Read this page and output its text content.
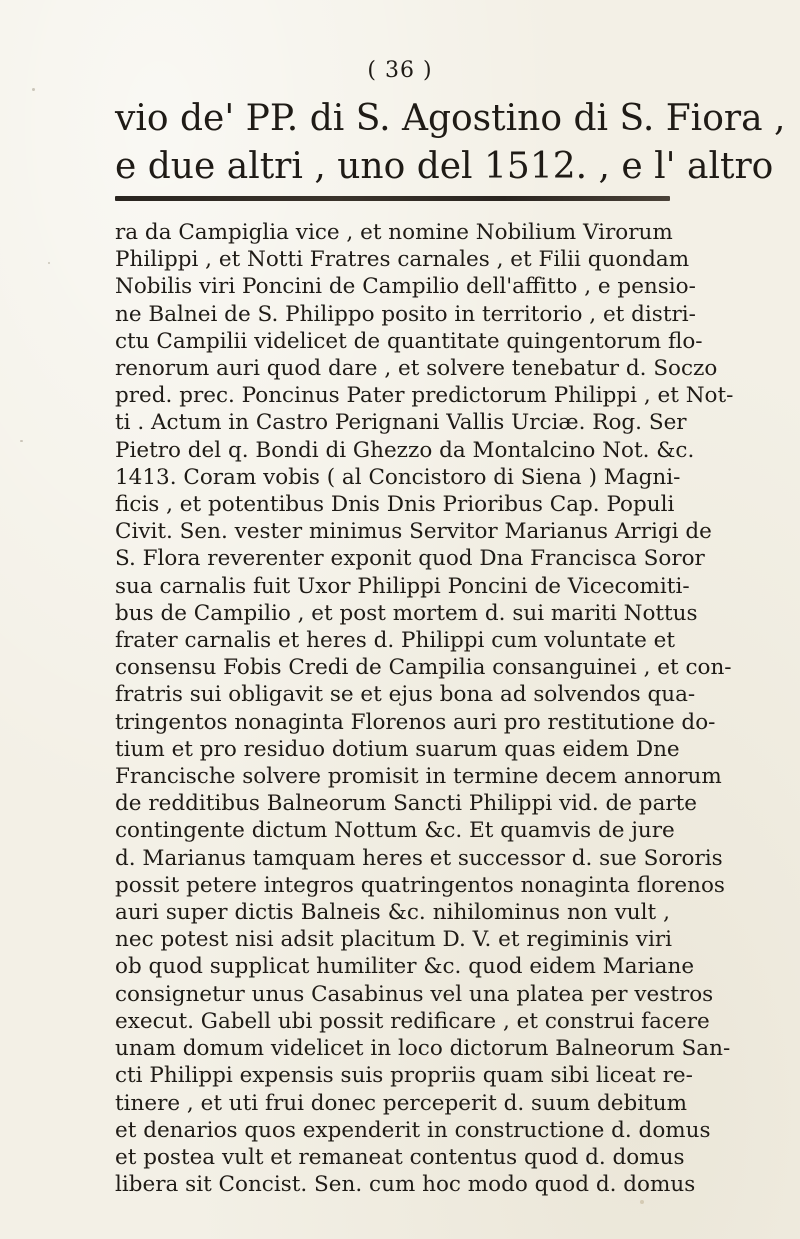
( 36 )
vio de' PP. di S. Agostino di S. Fiora ,
e due altri , uno del 1512. , e l' altro
ra da Campiglia vice , et nomine Nobilium Virorum
Philippi , et Notti Fratres carnales , et Filii quondam
Nobilis viri Poncini de Campilio dell'affitto , e pensio-
ne Balnei de S. Philippo posito in territorio , et distri-
ctu Campilii videlicet de quantitate quingentorum flo-
renorum auri quod dare , et solvere tenebatur d. Soczo
pred. prec. Poncinus Pater predictorum Philippi , et Not-
ti . Actum in Castro Perignani Vallis Urciæ. Rog. Ser
Pietro del q. Bondi di Ghezzo da Montalcino Not. &c.
1413. Coram vobis ( al Concistoro di Siena ) Magni-
ficis , et potentibus Dnis Dnis Prioribus Cap. Populi
Civit. Sen. vester minimus Servitor Marianus Arrigi de
S. Flora reverenter exponit quod Dna Francisca Soror
sua carnalis fuit Uxor Philippi Poncini de Vicecomiti-
bus de Campilio , et post mortem d. sui mariti Nottus
frater carnalis et heres d. Philippi cum voluntate et
consensu Fobis Credi de Campilia consanguinei , et con-
fratris sui obligavit se et ejus bona ad solvendos qua-
tringentos nonaginta Florenos auri pro restitutione do-
tium et pro residuo dotium suarum quas eidem Dne
Francische solvere promisit in termine decem annorum
de redditibus Balneorum Sancti Philippi vid. de parte
contingente dictum Nottum &c. Et quamvis de jure
d. Marianus tamquam heres et successor d. sue Sororis
possit petere integros quatringentos nonaginta florenos
auri super dictis Balneis &c. nihilominus non vult ,
nec potest nisi adsit placitum D. V. et regiminis viri
ob quod supplicat humiliter &c. quod eidem Mariane
consignetur unus Casabinus vel una platea per vestros
execut. Gabell ubi possit redificare , et construi facere
unam domum videlicet in loco dictorum Balneorum San-
cti Philippi expensis suis propriis quam sibi liceat re-
tinere , et uti frui donec perceperit d. suum debitum
et denarios quos expenderit in constructione d. domus
et postea vult et remaneat contentus quod d. domus
libera sit Concist. Sen. cum hoc modo quod d. domus
